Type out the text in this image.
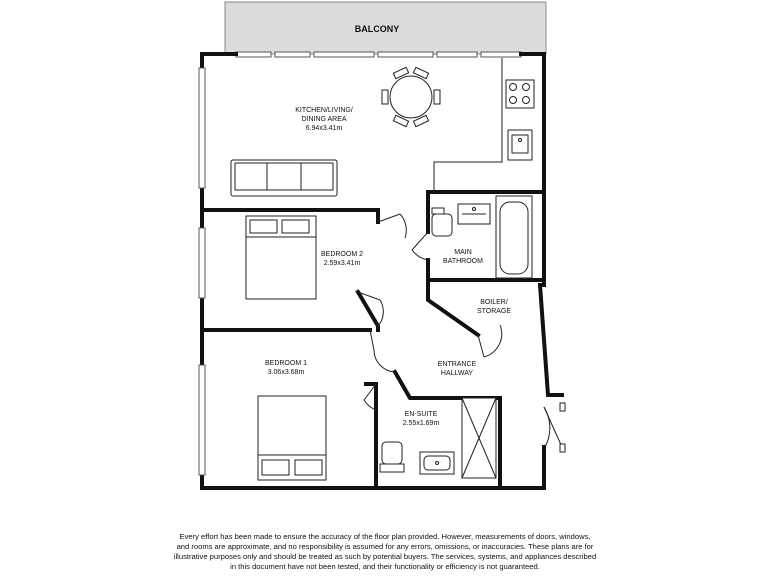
BALCONY
KITCHEN/LIVING/
DINING AREA
6.94x3.41m
BEDROOM 2
2.59x3.41m
MAIN
BATHROOM
BOILER/
STORAGE
BEDROOM 1
3.06x3.68m
ENTRANCE
HALLWAY
EN-SUITE
2.55x1.69m
Every effort has been made to ensure the accuracy of the floor plan provided. However, measurements of doors, windows,
and rooms are approximate, and no responsibility is assumed for any errors, omissions, or inaccuracies. These plans are for
illustrative purposes only and should be treated as such by potential buyers. The services, systems, and appliances described
in this document have not been tested, and their functionality or efficiency is not guaranteed.
